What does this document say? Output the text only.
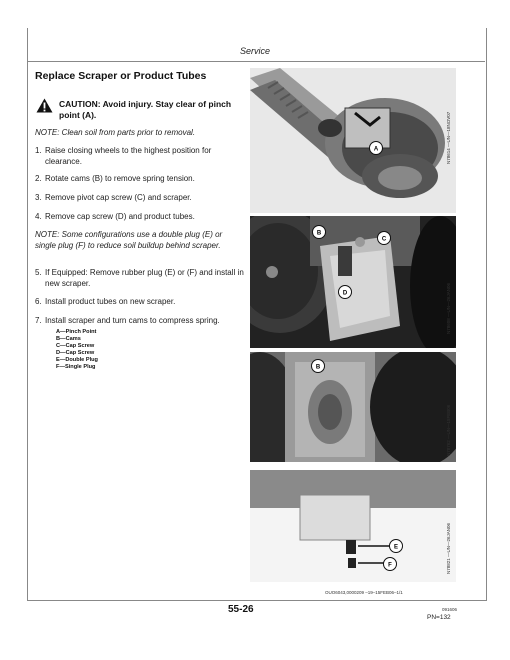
Service
Replace Scraper or Product Tubes
CAUTION: Avoid injury. Stay clear of pinch point (A).
NOTE: Clean soil from parts prior to removal.
1. Raise closing wheels to the highest position for clearance.
2. Rotate cams (B) to remove spring tension.
3. Remove pivot cap screw (C) and scraper.
4. Remove cap screw (D) and product tubes.
NOTE: Some configurations use a double plug (E) or single plug (F) to reduce soil buildup behind scraper.
5. If Equipped: Remove rubber plug (E) or (F) and install in new scraper.
6. Install product tubes on new scraper.
7. Install scraper and turn cams to compress spring.
A—Pinch Point
B—Cams
C—Cap Screw
D—Cap Screw
E—Double Plug
F—Single Plug
A	N78614 —UN—18NOV07
B
C
D	N78608 —UN—26JAN06
B
N78762 —UN—15FEB06
E
F	N78821 —UN—26JAN06
OUO6043,0000209 –19–15FEB06–1/1
55-26	091606
PN=132
